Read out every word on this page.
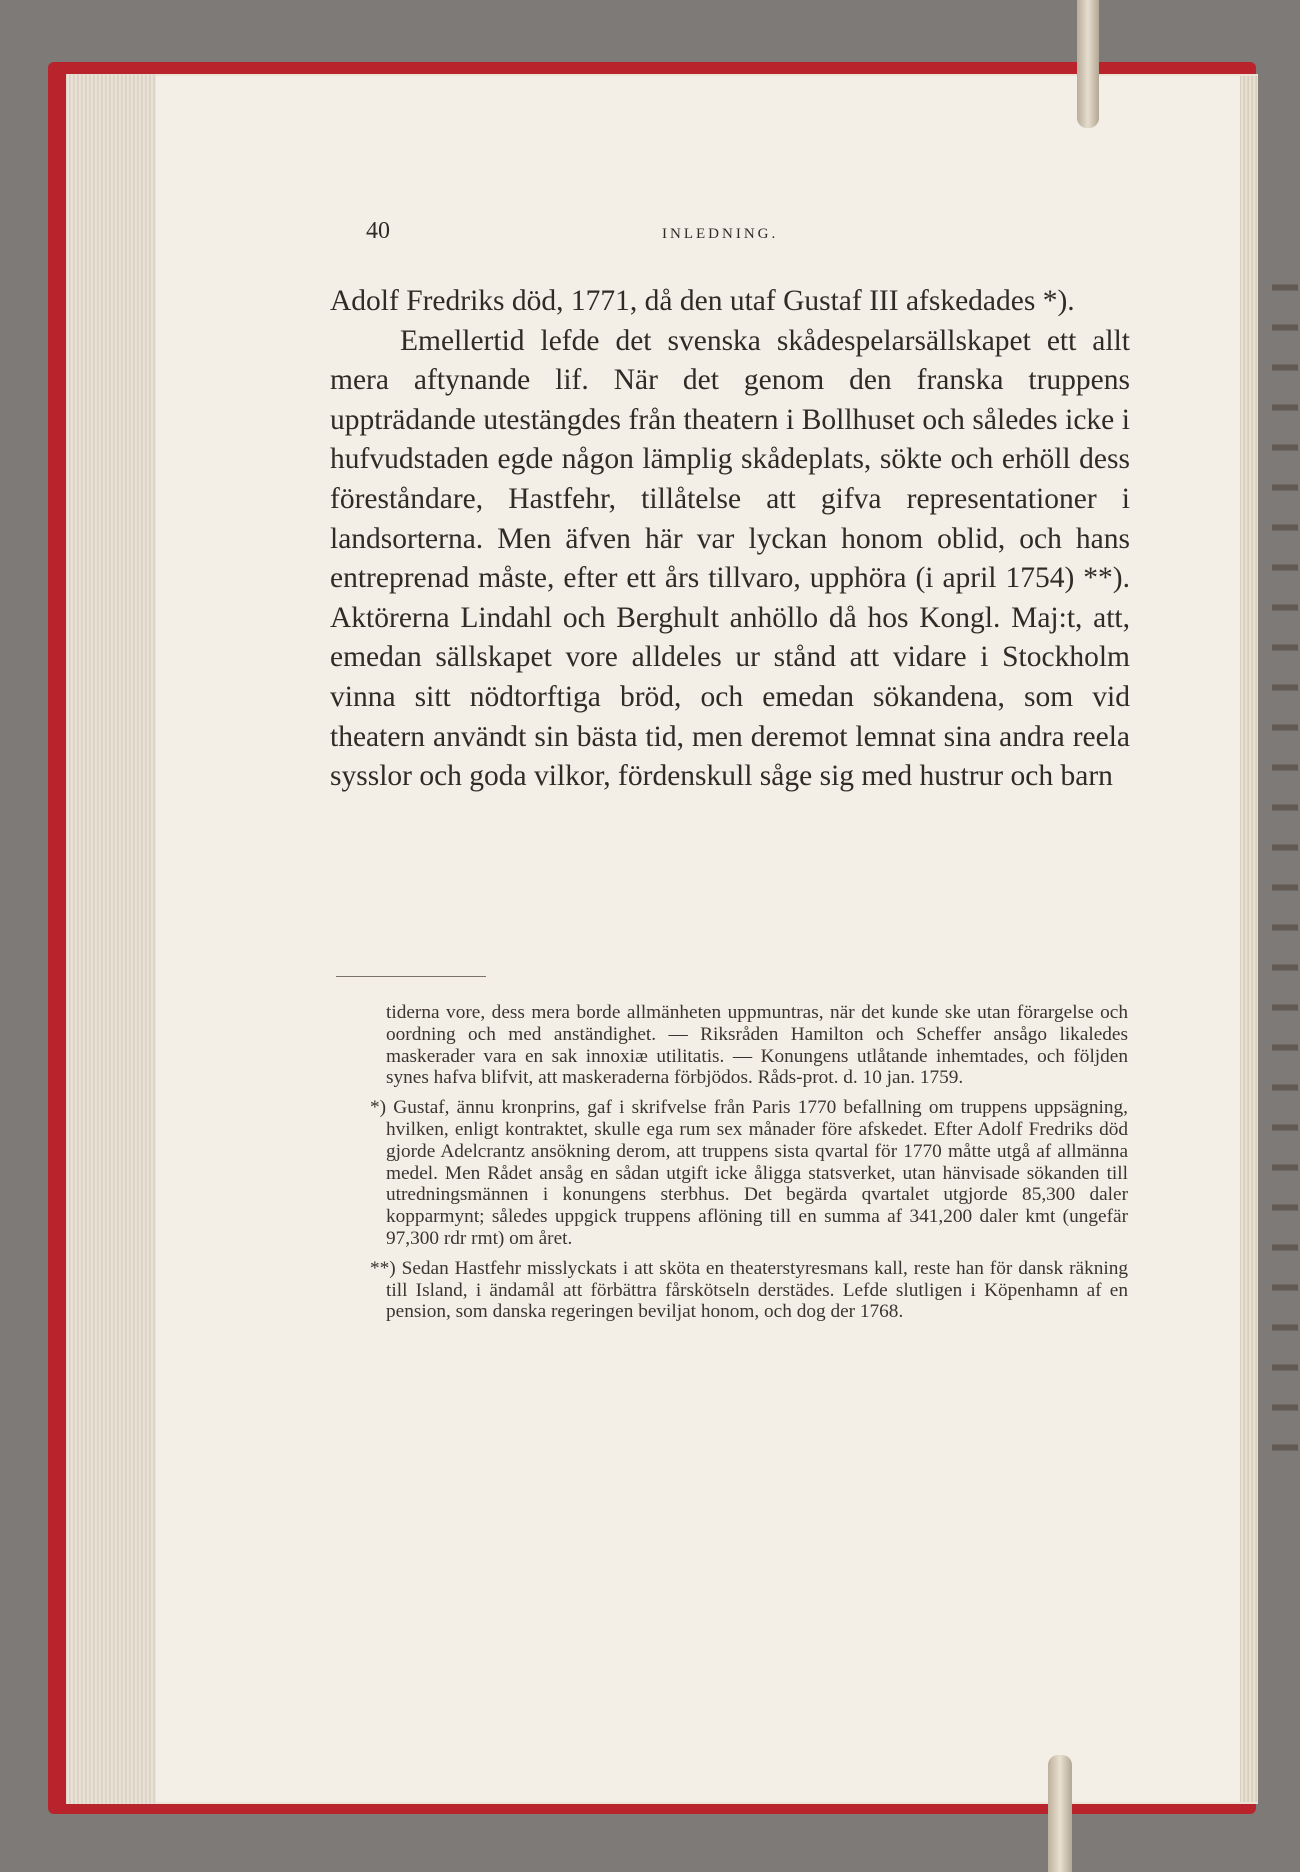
40	INLEDNING.

Adolf Fredriks död, 1771, då den utaf Gustaf III afskedades *).

Emellertid lefde det svenska skådespelarsällskapet ett allt mera aftynande lif. När det genom den franska truppens uppträdande utestängdes från theatern i Bollhuset och således icke i hufvudstaden egde någon lämplig skådeplats, sökte och erhöll dess föreståndare, Hastfehr, tillåtelse att gifva representationer i landsorterna. Men äfven här var lyckan honom oblid, och hans entreprenad måste, efter ett års tillvaro, upphöra (i april 1754) **). Aktörerna Lindahl och Berghult anhöllo då hos Kongl. Maj:t, att, emedan sällskapet vore alldeles ur stånd att vidare i Stockholm vinna sitt nödtorftiga bröd, och emedan sökandena, som vid theatern användt sin bästa tid, men deremot lemnat sina andra reela sysslor och goda vilkor, fördenskull såge sig med hustrur och barn

tiderna vore, dess mera borde allmänheten uppmuntras, när det kunde ske utan förargelse och oordning och med anständighet. — Riksråden Hamilton och Scheffer ansågo likaledes maskerader vara en sak innoxiæ utilitatis. — Konungens utlåtande inhemtades, och följden synes hafva blifvit, att maskeraderna förbjödos. Råds-prot. d. 10 jan. 1759.

*) Gustaf, ännu kronprins, gaf i skrifvelse från Paris 1770 befallning om truppens uppsägning, hvilken, enligt kontraktet, skulle ega rum sex månader före afskedet. Efter Adolf Fredriks död gjorde Adelcrantz ansökning derom, att truppens sista qvartal för 1770 måtte utgå af allmänna medel. Men Rådet ansåg en sådan utgift icke åligga statsverket, utan hänvisade sökanden till utredningsmännen i konungens sterbhus. Det begärda qvartalet utgjorde 85,300 daler kopparmynt; således uppgick truppens aflöning till en summa af 341,200 daler kmt (ungefär 97,300 rdr rmt) om året.

**) Sedan Hastfehr misslyckats i att sköta en theaterstyresmans kall, reste han för dansk räkning till Island, i ändamål att förbättra fårskötseln derstädes. Lefde slutligen i Köpenhamn af en pension, som danska regeringen beviljat honom, och dog der 1768.
